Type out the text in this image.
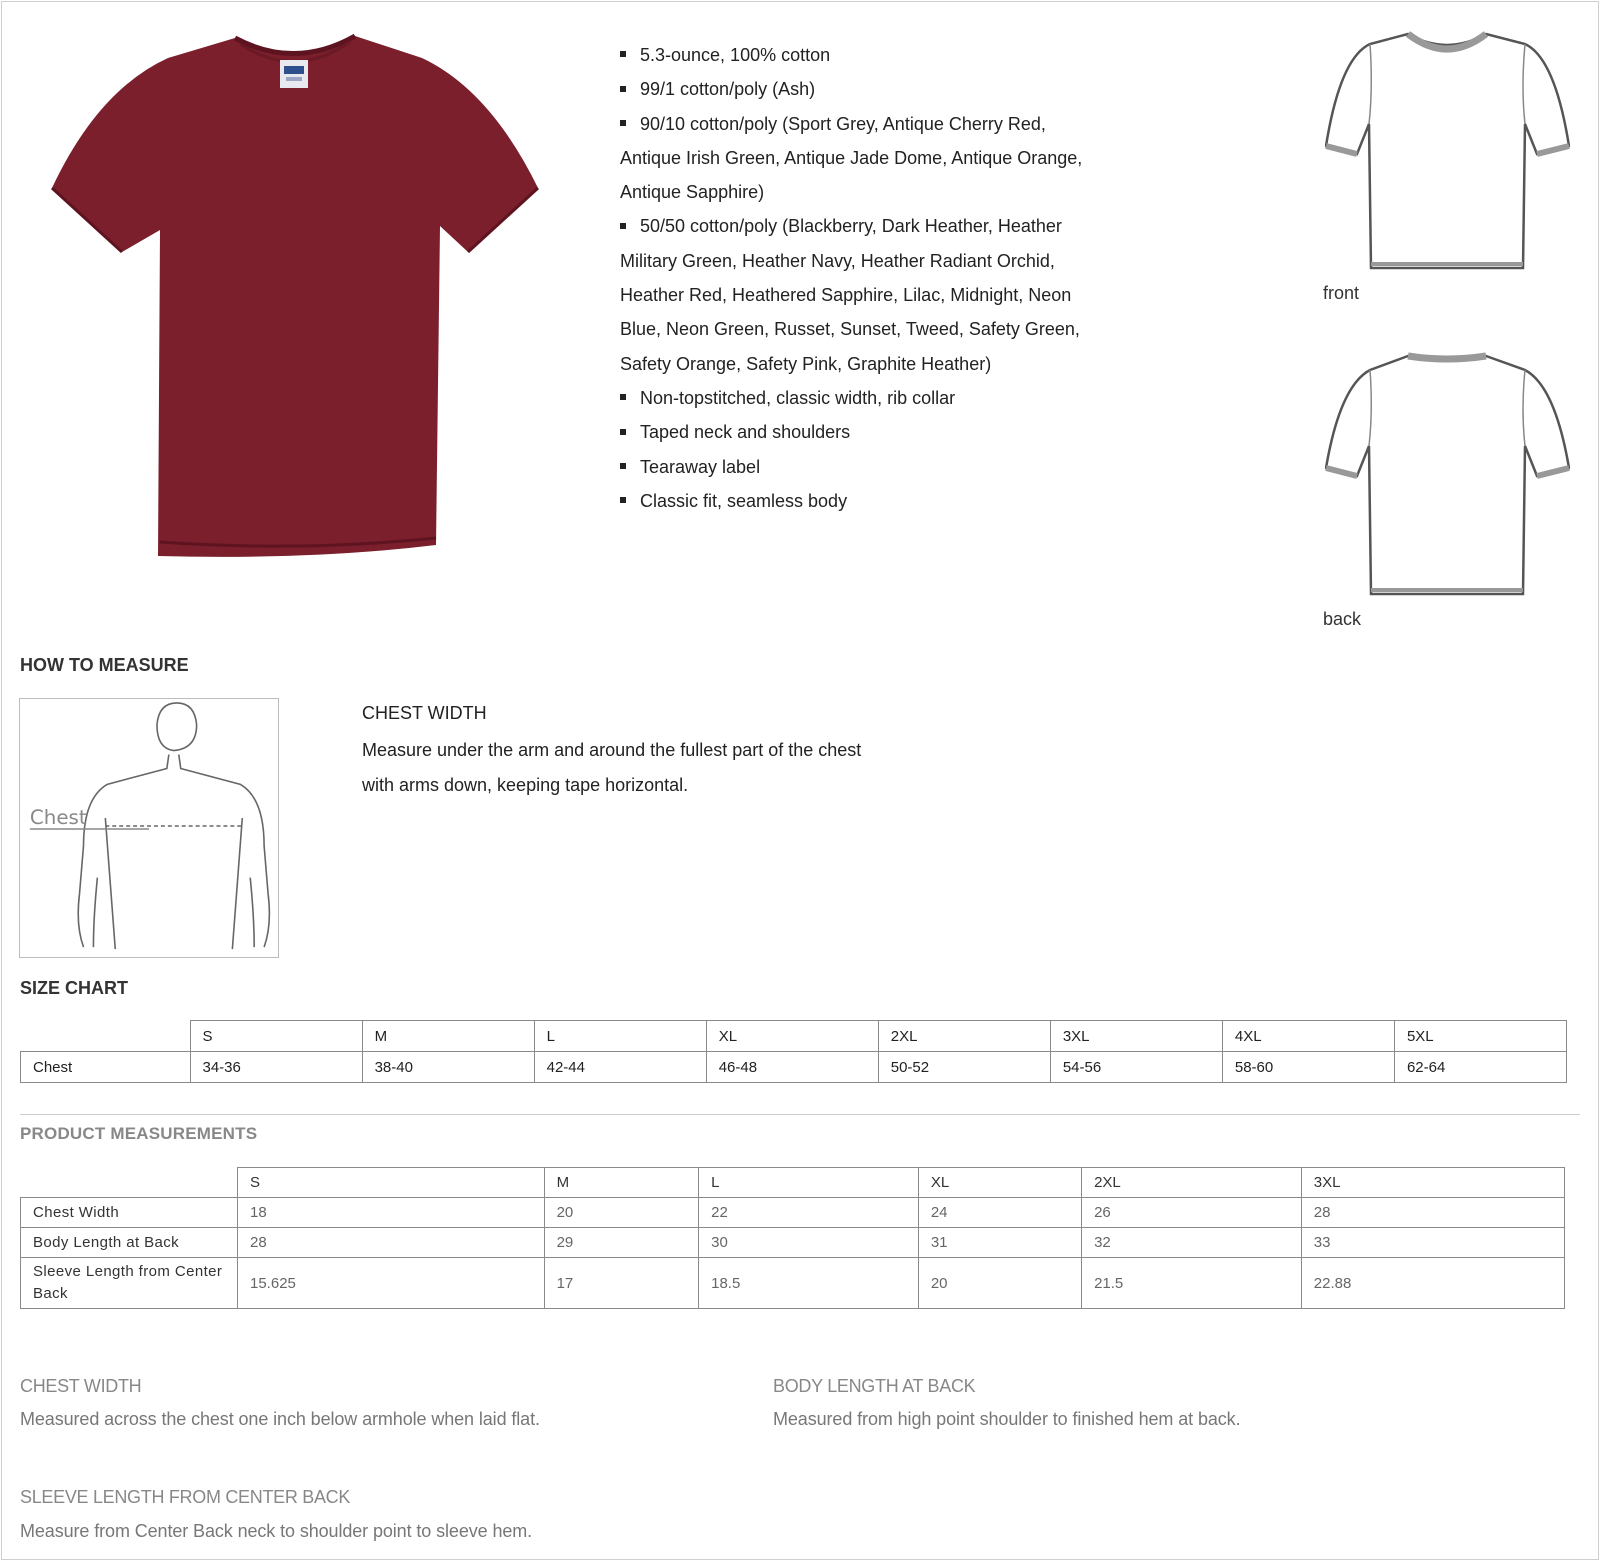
5.3-ounce, 100% cotton
99/1 cotton/poly (Ash)
90/10 cotton/poly (Sport Grey, Antique Cherry Red,
Antique Irish Green, Antique Jade Dome, Antique Orange,
Antique Sapphire)
50/50 cotton/poly (Blackberry, Dark Heather, Heather
Military Green, Heather Navy, Heather Radiant Orchid,
Heather Red, Heathered Sapphire, Lilac, Midnight, Neon
Blue, Neon Green, Russet, Sunset, Tweed, Safety Green,
Safety Orange, Safety Pink, Graphite Heather)
Non-topstitched, classic width, rib collar
Taped neck and shoulders
Tearaway label
Classic fit, seamless body
front
back
HOW TO MEASURE
Chest
CHEST WIDTH
Measure under the arm and around the fullest part of the chest
with arms down, keeping tape horizontal.
SIZE CHART
	S	M	L	XL	2XL	3XL	4XL	5XL
Chest	34-36	38-40	42-44	46-48	50-52	54-56	58-60	62-64
PRODUCT MEASUREMENTS
	S	M	L	XL	2XL	3XL
Chest Width	18	20	22	24	26	28
Body Length at Back	28	29	30	31	32	33
Sleeve Length from Center Back	15.625	17	18.5	20	21.5	22.88
CHEST WIDTH
Measured across the chest one inch below armhole when laid flat.
BODY LENGTH AT BACK
Measured from high point shoulder to finished hem at back.
SLEEVE LENGTH FROM CENTER BACK
Measure from Center Back neck to shoulder point to sleeve hem.
